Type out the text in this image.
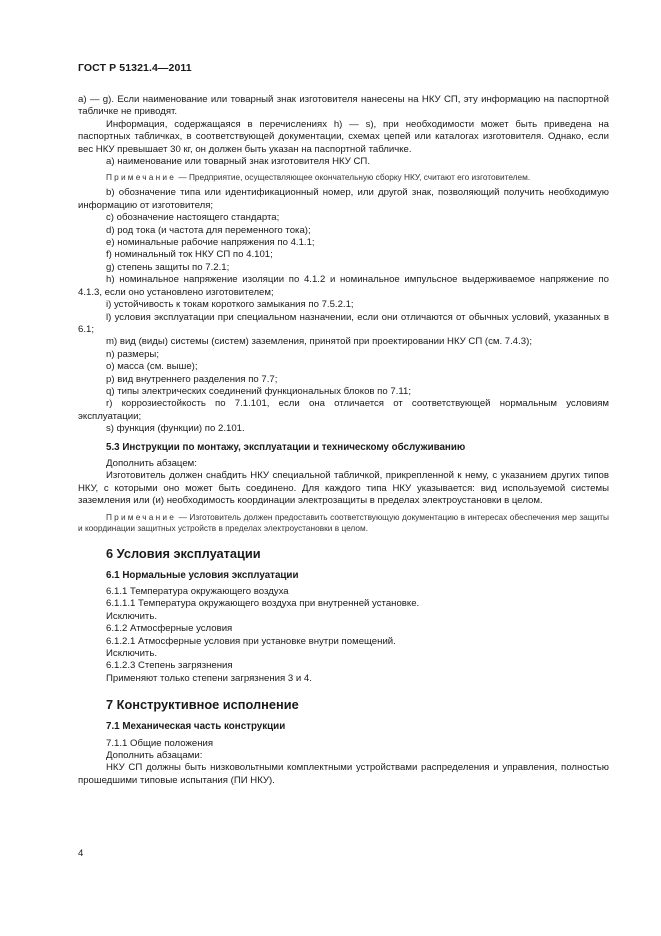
ГОСТ Р 51321.4—2011

а) — g). Если наименование или товарный знак изготовителя нанесены на НКУ СП, эту информацию на паспортной табличке не приводят.

Информация, содержащаяся в перечислениях h) — s), при необходимости может быть приведена на паспортных табличках, в соответствующей документации, схемах цепей или каталогах изготовителя. Однако, если вес НКУ превышает 30 кг, он должен быть указан на паспортной табличке.

а) наименование или товарный знак изготовителя НКУ СП.

Примечание — Предприятие, осуществляющее окончательную сборку НКУ, считают его изготовителем.

b) обозначение типа или идентификационный номер, или другой знак, позволяющий получить необходимую информацию от изготовителя;

c) обозначение настоящего стандарта;

d) род тока (и частота для переменного тока);

e) номинальные рабочие напряжения по 4.1.1;

f) номинальный ток НКУ СП по 4.101;

g) степень защиты по 7.2.1;

h) номинальное напряжение изоляции по 4.1.2 и номинальное импульсное выдерживаемое напряжение по 4.1.3, если оно установлено изготовителем;

i) устойчивость к токам короткого замыкания по 7.5.2.1;

l) условия эксплуатации при специальном назначении, если они отличаются от обычных условий, указанных в 6.1;

m) вид (виды) системы (систем) заземления, принятой при проектировании НКУ СП (см. 7.4.3);

n) размеры;

o) масса (см. выше);

p) вид внутреннего разделения по 7.7;

q) типы электрических соединений функциональных блоков по 7.11;

r) коррозиестойкость по 7.1.101, если она отличается от соответствующей нормальным условиям эксплуатации;

s) функция (функции) по 2.101.

5.3 Инструкции по монтажу, эксплуатации и техническому обслуживанию

Дополнить абзацем:

Изготовитель должен снабдить НКУ специальной табличкой, прикрепленной к нему, с указанием других типов НКУ, с которыми оно может быть соединено. Для каждого типа НКУ указывается: вид используемой системы заземления или (и) необходимость координации электрозащиты в пределах электроустановки в целом.

Примечание — Изготовитель должен предоставить соответствующую документацию в интересах обеспечения мер защиты и координации защитных устройств в пределах электроустановки в целом.

6 Условия эксплуатации

6.1 Нормальные условия эксплуатации

6.1.1 Температура окружающего воздуха

6.1.1.1 Температура окружающего воздуха при внутренней установке.

Исключить.

6.1.2 Атмосферные условия

6.1.2.1 Атмосферные условия при установке внутри помещений.

Исключить.

6.1.2.3 Степень загрязнения

Применяют только степени загрязнения 3 и 4.

7 Конструктивное исполнение

7.1 Механическая часть конструкции

7.1.1 Общие положения

Дополнить абзацами:

НКУ СП должны быть низковольтными комплектными устройствами распределения и управления, полностью прошедшими типовые испытания (ПИ НКУ).

4
